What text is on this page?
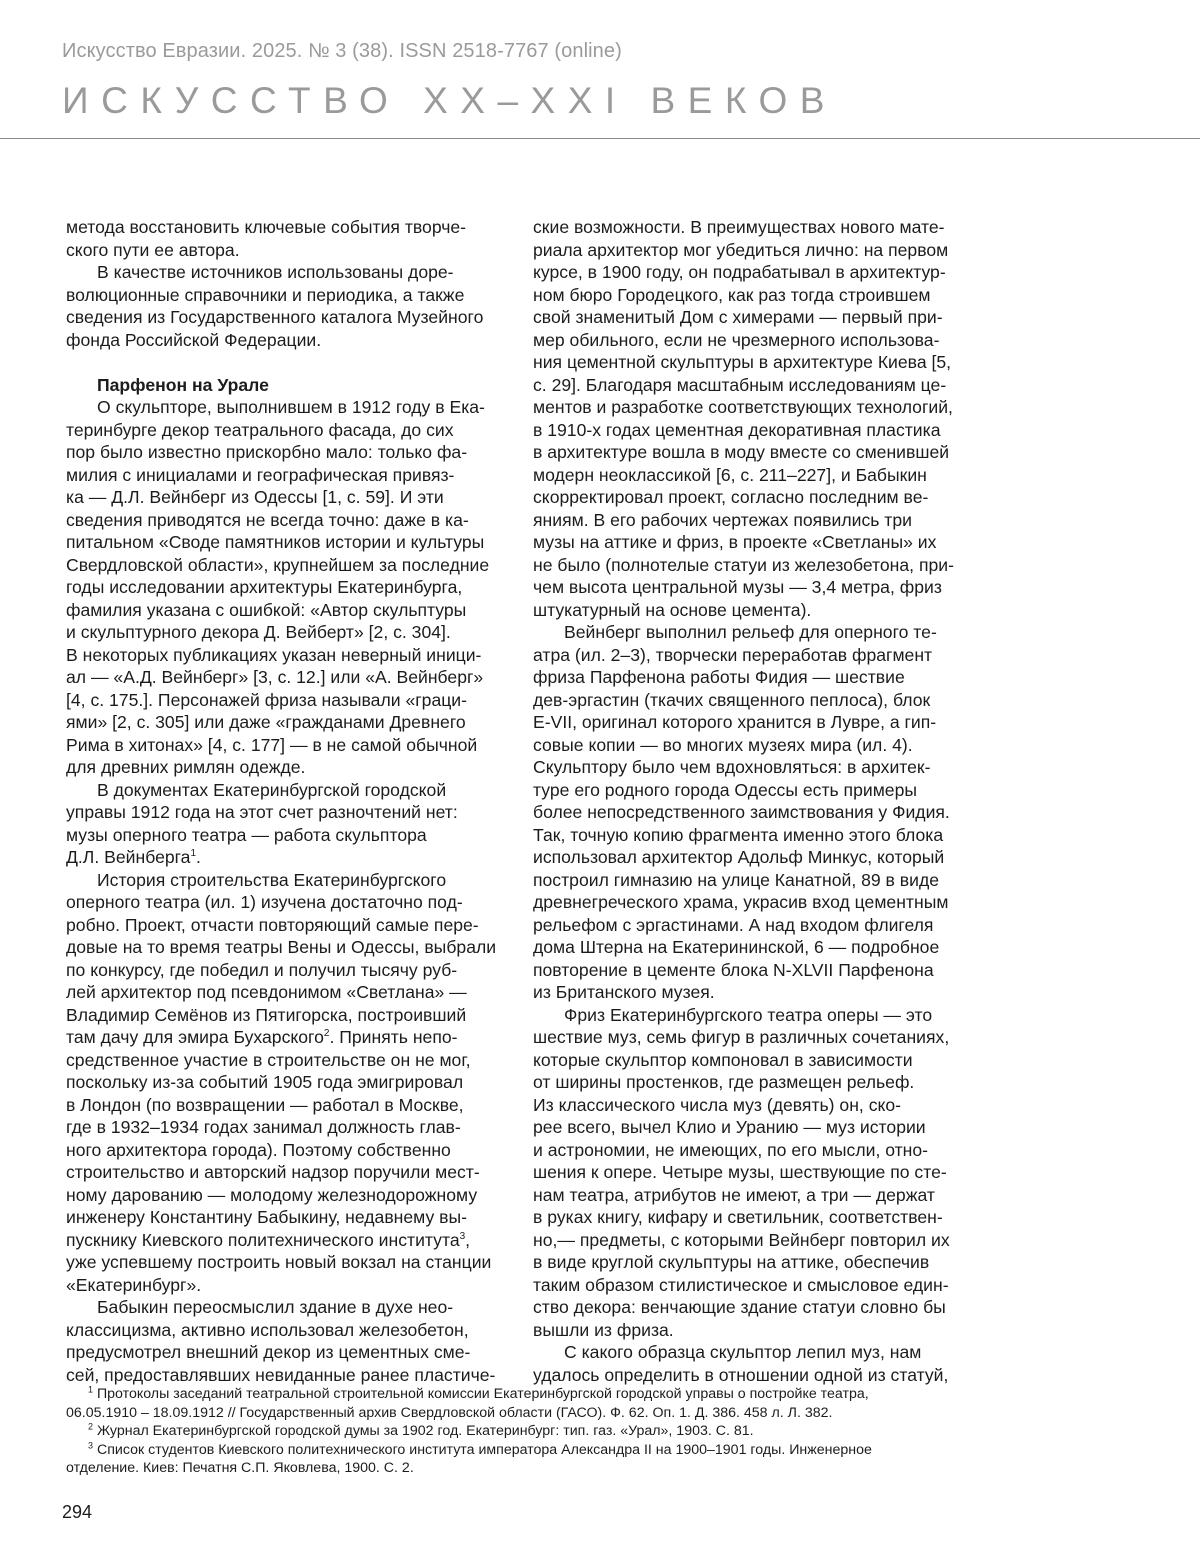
Искусство Евразии. 2025. № 3 (38). ISSN 2518-7767 (online)
ИСКУССТВО XX–XXI ВЕКОВ
метода восстановить ключевые события творче-
ского пути ее автора.
В качестве источников использованы доре-
волюционные справочники и периодика, а также
сведения из Государственного каталога Музейного
фонда Российской Федерации.
Парфенон на Урале
О скульпторе, выполнившем в 1912 году в Ека-
теринбурге декор театрального фасада, до сих
пор было известно прискорбно мало: только фа-
милия с инициалами и географическая привяз-
ка — Д.Л. Вейнберг из Одессы [1, с. 59]. И эти
сведения приводятся не всегда точно: даже в ка-
питальном «Своде памятников истории и культуры
Свердловской области», крупнейшем за последние
годы исследовании архитектуры Екатеринбурга,
фамилия указана с ошибкой: «Автор скульптуры
и скульптурного декора Д. Вейберт» [2, с. 304].
В некоторых публикациях указан неверный иници-
ал — «А.Д. Вейнберг» [3, с. 12.] или «А. Вейнберг»
[4, с. 175.]. Персонажей фриза называли «граци-
ями» [2, с. 305] или даже «гражданами Древнего
Рима в хитонах» [4, с. 177] — в не самой обычной
для древних римлян одежде.
В документах Екатеринбургской городской
управы 1912 года на этот счет разночтений нет:
музы оперного театра — работа скульптора
Д.Л. Вейнберга$^1$.
История строительства Екатеринбургского
оперного театра (ил. 1) изучена достаточно под-
робно. Проект, отчасти повторяющий самые пере-
довые на то время театры Вены и Одессы, выбрали
по конкурсу, где победил и получил тысячу руб-
лей архитектор под псевдонимом «Светлана» —
Владимир Семёнов из Пятигорска, построивший
там дачу для эмира Бухарского$^2$. Принять непо-
средственное участие в строительстве он не мог,
поскольку из-за событий 1905 года эмигрировал
в Лондон (по возвращении — работал в Москве,
где в 1932–1934 годах занимал должность глав-
ного архитектора города). Поэтому собственно
строительство и авторский надзор поручили мест-
ному дарованию — молодому железнодорожному
инженеру Константину Бабыкину, недавнему вы-
пускнику Киевского политехнического института$^3$,
уже успевшему построить новый вокзал на станции
«Екатеринбург».
Бабыкин переосмыслил здание в духе нео-
классицизма, активно использовал железобетон,
предусмотрел внешний декор из цементных сме-
сей, предоставлявших невиданные ранее пластиче-
ские возможности. В преимуществах нового мате-
риала архитектор мог убедиться лично: на первом
курсе, в 1900 году, он подрабатывал в архитектур-
ном бюро Городецкого, как раз тогда строившем
свой знаменитый Дом с химерами — первый при-
мер обильного, если не чрезмерного использова-
ния цементной скульптуры в архитектуре Киева [5,
с. 29]. Благодаря масштабным исследованиям це-
ментов и разработке соответствующих технологий,
в 1910-х годах цементная декоративная пластика
в архитектуре вошла в моду вместе со сменившей
модерн неоклассикой [6, с. 211–227], и Бабыкин
скорректировал проект, согласно последним ве-
яниям. В его рабочих чертежах появились три
музы на аттике и фриз, в проекте «Светланы» их
не было (полнотелые статуи из железобетона, при-
чем высота центральной музы — 3,4 метра, фриз
штукатурный на основе цемента).
Вейнберг выполнил рельеф для оперного те-
атра (ил. 2–3), творчески переработав фрагмент
фриза Парфенона работы Фидия — шествие
дев-эргастин (ткачих священного пеплоса), блок
E-VII, оригинал которого хранится в Лувре, а гип-
совые копии — во многих музеях мира (ил. 4).
Скульптору было чем вдохновляться: в архитек-
туре его родного города Одессы есть примеры
более непосредственного заимствования у Фидия.
Так, точную копию фрагмента именно этого блока
использовал архитектор Адольф Минкус, который
построил гимназию на улице Канатной, 89 в виде
древнегреческого храма, украсив вход цементным
рельефом с эргастинами. А над входом флигеля
дома Штерна на Екатерининской, 6 — подробное
повторение в цементе блока N-XLVII Парфенона
из Британского музея.
Фриз Екатеринбургского театра оперы — это
шествие муз, семь фигур в различных сочетаниях,
которые скульптор компоновал в зависимости
от ширины простенков, где размещен рельеф.
Из классического числа муз (девять) он, ско-
рее всего, вычел Клио и Уранию — муз истории
и астрономии, не имеющих, по его мысли, отно-
шения к опере. Четыре музы, шествующие по сте-
нам театра, атрибутов не имеют, а три — держат
в руках книгу, кифару и светильник, соответствен-
но,— предметы, с которыми Вейнберг повторил их
в виде круглой скульптуры на аттике, обеспечив
таким образом стилистическое и смысловое един-
ство декора: венчающие здание статуи словно бы
вышли из фриза.
С какого образца скульптор лепил муз, нам
удалось определить в отношении одной из статуй,
$^1$ Протоколы заседаний театральной строительной комиссии Екатеринбургской городской управы о постройке театра,
06.05.1910 – 18.09.1912 // Государственный архив Свердловской области (ГАСО). Ф. 62. Оп. 1. Д. 386. 458 л. Л. 382.
$^2$ Журнал Екатеринбургской городской думы за 1902 год. Екатеринбург: тип. газ. «Урал», 1903. С. 81.
$^3$ Список студентов Киевского политехнического института императора Александра II на 1900–1901 годы. Инженерное
отделение. Киев: Печатня С.П. Яковлева, 1900. С. 2.
294
